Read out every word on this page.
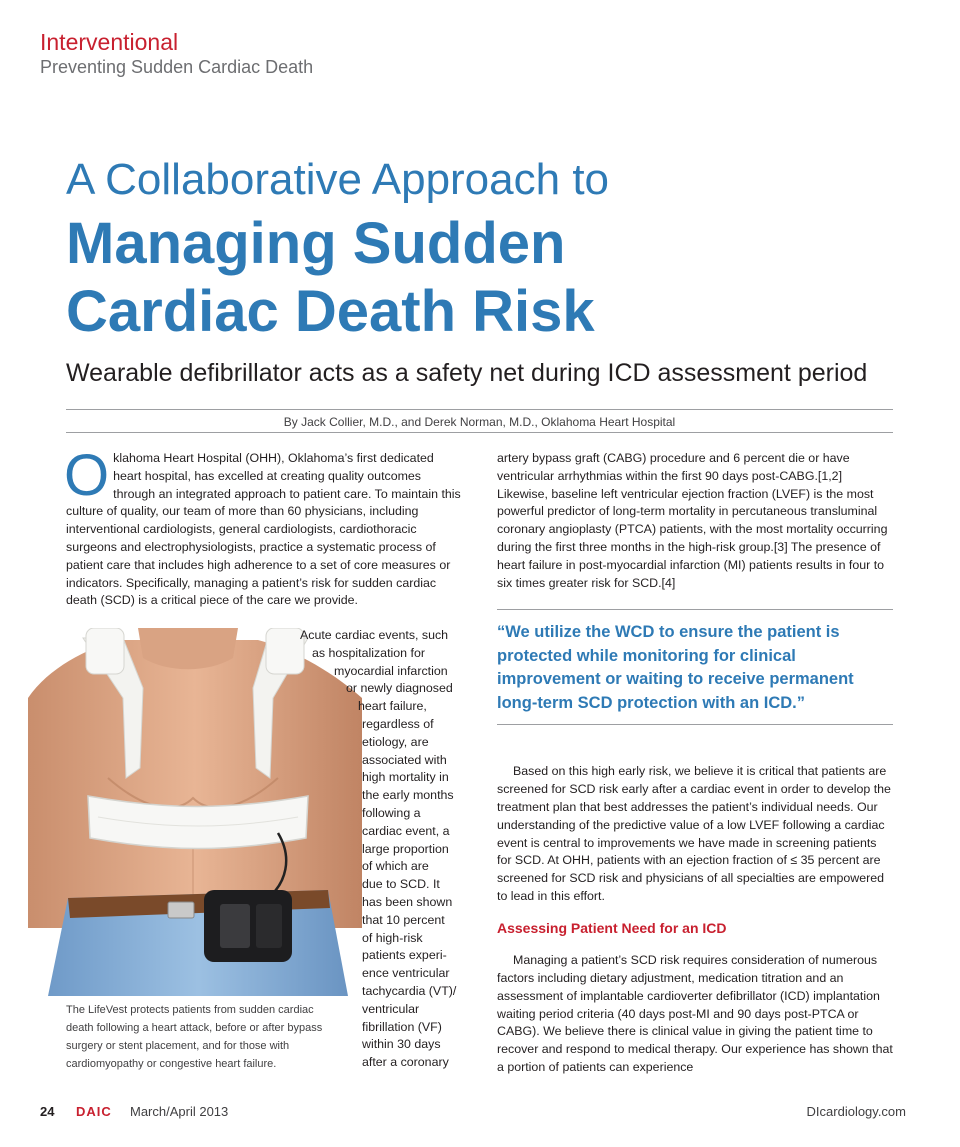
Interventional
Preventing Sudden Cardiac Death
A Collaborative Approach to
Managing Sudden
Cardiac Death Risk
Wearable defibrillator acts as a safety net during ICD assessment period
By Jack Collier, M.D., and Derek Norman, M.D., Oklahoma Heart Hospital
O klahoma Heart Hospital (OHH), Oklahoma’s first dedicated heart hospital, has excelled at creating quality outcomes through an integrated approach to patient care. To maintain this culture of quality, our team of more than 60 physicians, including interventional cardiologists, general cardiologists, cardiothoracic surgeons and electrophysiologists, practice a systematic process of patient care that includes high adherence to a set of core measures or indicators. Specifically, managing a patient’s risk for sudden cardiac death (SCD) is a critical piece of the care we provide.
The LifeVest protects patients from sudden cardiac death following a heart attack, before or after bypass surgery or stent placement, and for those with cardiomyopathy or congestive heart failure.

artery bypass graft (CABG) procedure and 6 percent die or have ventricular arrhythmias within the first 90 days post-CABG.[1,2] Likewise, baseline left ventricular ejection fraction (LVEF) is the most powerful predictor of long-term mortality in percutaneous transluminal coronary angioplasty (PTCA) patients, with the most mortality occurring during the first three months in the high-risk group.[3] The presence of heart failure in post-myocardial infarction (MI) patients results in four to six times greater risk for SCD.[4]

“We utilize the WCD to ensure the patient is protected while monitoring for clinical improvement or waiting to receive permanent long-term SCD protection with an ICD.”

Based on this high early risk, we believe it is critical that patients are screened for SCD risk early after a cardiac event in order to develop the treatment plan that best addresses the patient’s individual needs. Our understanding of the predictive value of a low LVEF following a cardiac event is central to improvements we have made in screening patients for SCD. At OHH, patients with an ejection fraction of ≤ 35 percent are screened for SCD risk and physicians of all specialties are empowered to lead in this effort.

Assessing Patient Need for an ICD

Managing a patient’s SCD risk requires consideration of numerous factors including dietary adjustment, medication titration and an assessment of implantable cardioverter defibrillator (ICD) implantation waiting period criteria (40 days post-MI and 90 days post-PTCA or CABG). We believe there is clinical value in giving the patient time to recover and respond to medical therapy. Our experience has shown that a portion of patients can experience

24 DAIC March/April 2013	DIcardiology.com
Acute cardiac events, such
as hospitalization for
myocardial infarction
or newly diagnosed
heart failure,
regardless of
etiology, are
associated with
high mortality in
the early months
following a
cardiac event, a
large proportion
of which are
due to SCD. It
has been shown
that 10 percent
of high-risk
patients experi-
ence ventricular
tachycardia (VT)/
ventricular
fibrillation (VF)
within 30 days
after a coronary
